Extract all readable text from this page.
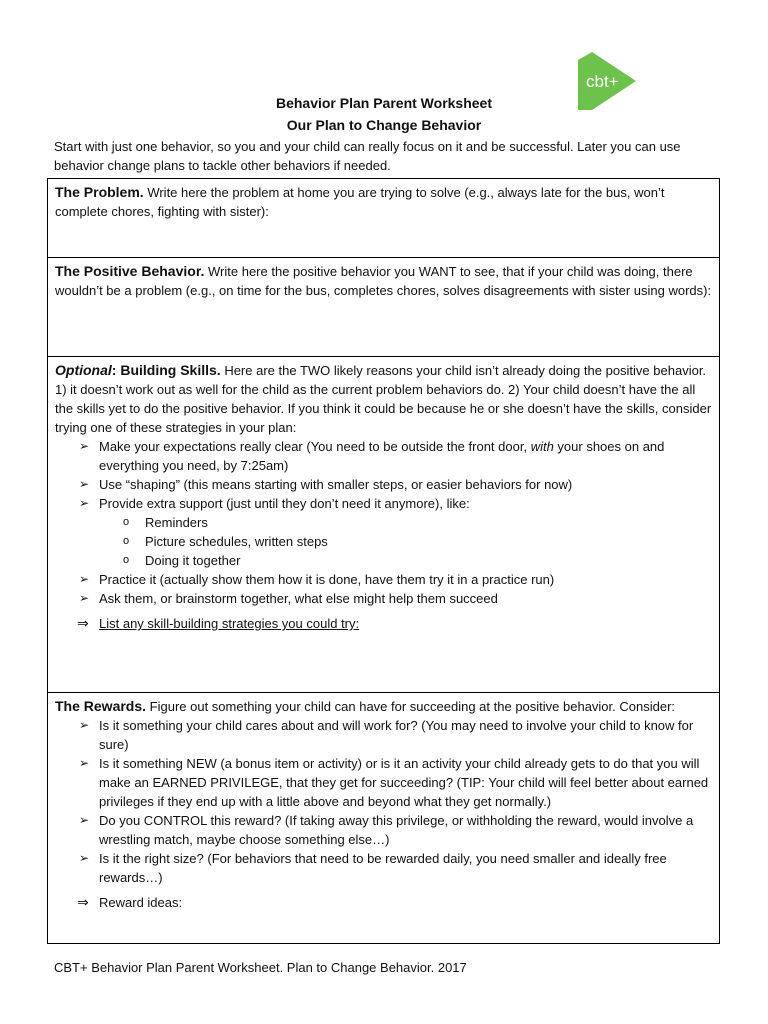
cbt+
Behavior Plan Parent Worksheet
Our Plan to Change Behavior
Start with just one behavior, so you and your child can really focus on it and be successful. Later you can use behavior change plans to tackle other behaviors if needed.

The Problem. Write here the problem at home you are trying to solve (e.g., always late for the bus, won’t complete chores, fighting with sister):

The Positive Behavior. Write here the positive behavior you WANT to see, that if your child was doing, there wouldn’t be a problem (e.g., on time for the bus, completes chores, solves disagreements with sister using words):

Optional: Building Skills. Here are the TWO likely reasons your child isn’t already doing the positive behavior. 1) it doesn’t work out as well for the child as the current problem behaviors do. 2) Your child doesn’t have the all the skills yet to do the positive behavior. If you think it could be because he or she doesn’t have the skills, consider trying one of these strategies in your plan:

➢ Make your expectations really clear (You need to be outside the front door, with your shoes on and everything you need, by 7:25am)
➢ Use “shaping” (this means starting with smaller steps, or easier behaviors for now)
➢ Provide extra support (just until they don’t need it anymore), like:
o Reminders
o Picture schedules, written steps
o Doing it together
➢ Practice it (actually show them how it is done, have them try it in a practice run)
➢ Ask them, or brainstorm together, what else might help them succeed
⇒ List any skill-building strategies you could try:

The Rewards. Figure out something your child can have for succeeding at the positive behavior. Consider:

➢ Is it something your child cares about and will work for? (You may need to involve your child to know for sure)
➢ Is it something NEW (a bonus item or activity) or is it an activity your child already gets to do that you will make an EARNED PRIVILEGE, that they get for succeeding? (TIP: Your child will feel better about earned privileges if they end up with a little above and beyond what they get normally.)
➢ Do you CONTROL this reward? (If taking away this privilege, or withholding the reward, would involve a wrestling match, maybe choose something else…)
➢ Is it the right size? (For behaviors that need to be rewarded daily, you need smaller and ideally free rewards…)
⇒ Reward ideas:
CBT+ Behavior Plan Parent Worksheet. Plan to Change Behavior. 2017
